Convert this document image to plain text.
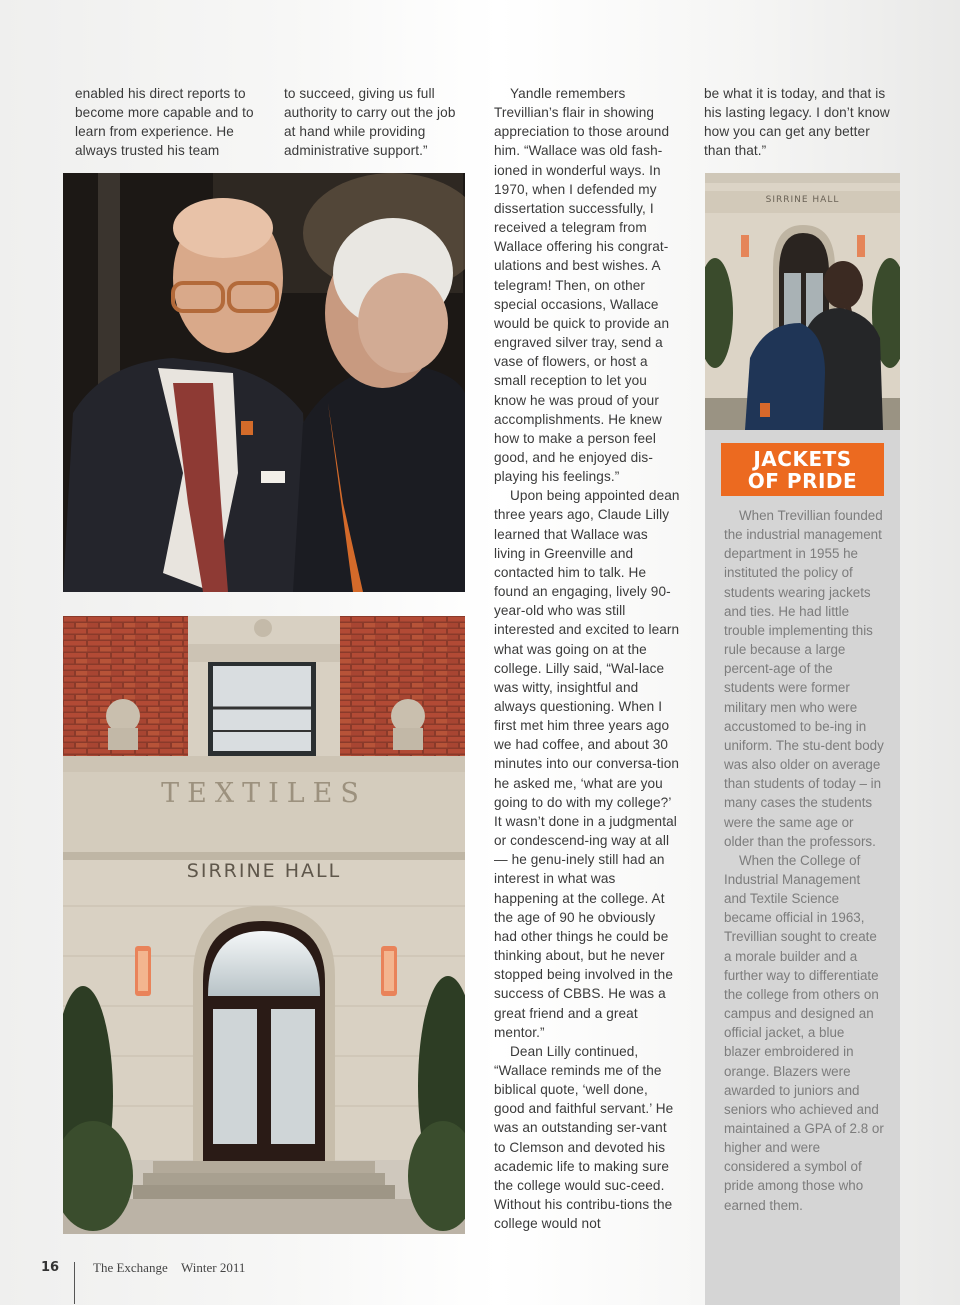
enabled his direct reports to become more capable and to learn from experience. He always trusted his team

to succeed, giving us full authority to carry out the job at hand while providing administrative support.”

Yandle remembers Trevillian’s flair in showing appreciation to those around him. “Wallace was old fash-ioned in wonderful ways. In 1970, when I defended my dissertation successfully, I received a telegram from Wallace offering his congrat-ulations and best wishes. A telegram! Then, on other special occasions, Wallace would be quick to provide an engraved silver tray, send a vase of flowers, or host a small reception to let you know he was proud of your accomplishments. He knew how to make a person feel good, and he enjoyed dis-playing his feelings.”

Upon being appointed dean three years ago, Claude Lilly learned that Wallace was living in Greenville and contacted him to talk. He found an engaging, lively 90-year-old who was still interested and excited to learn what was going on at the college. Lilly said, “Wal-lace was witty, insightful and always questioning. When I first met him three years ago we had coffee, and about 30 minutes into our conversa-tion he asked me, ‘what are you going to do with my college?’ It wasn’t done in a judgmental or condescend-ing way at all — he genu-inely still had an interest in what was happening at the college. At the age of 90 he obviously had other things he could be thinking about, but he never stopped being involved in the success of CBBS. He was a great friend and a great mentor.”

Dean Lilly continued, “Wallace reminds me of the biblical quote, ‘well done, good and faithful servant.’ He was an outstanding ser-vant to Clemson and devoted his academic life to making sure the college would suc-ceed. Without his contribu-tions the college would not

be what it is today, and that is his lasting legacy. I don’t know how you can get any better than that.”

TEXTILES
SIRRINE HALL
SIRRINE HALL
JACKETS
OF PRIDE

When Trevillian founded the industrial management department in 1955 he instituted the policy of students wearing jackets and ties. He had little trouble implementing this rule because a large percent-age of the students were former military men who were accustomed to be-ing in uniform. The stu-dent body was also older on average than students of today – in many cases the students were the same age or older than the professors.

When the College of Industrial Management and Textile Science became official in 1963, Trevillian sought to create a morale builder and a further way to differentiate the college from others on campus and designed an official jacket, a blue blazer embroidered in orange. Blazers were awarded to juniors and seniors who achieved and maintained a GPA of 2.8 or higher and were considered a symbol of pride among those who earned them.

16	The Exchange Winter 2011
